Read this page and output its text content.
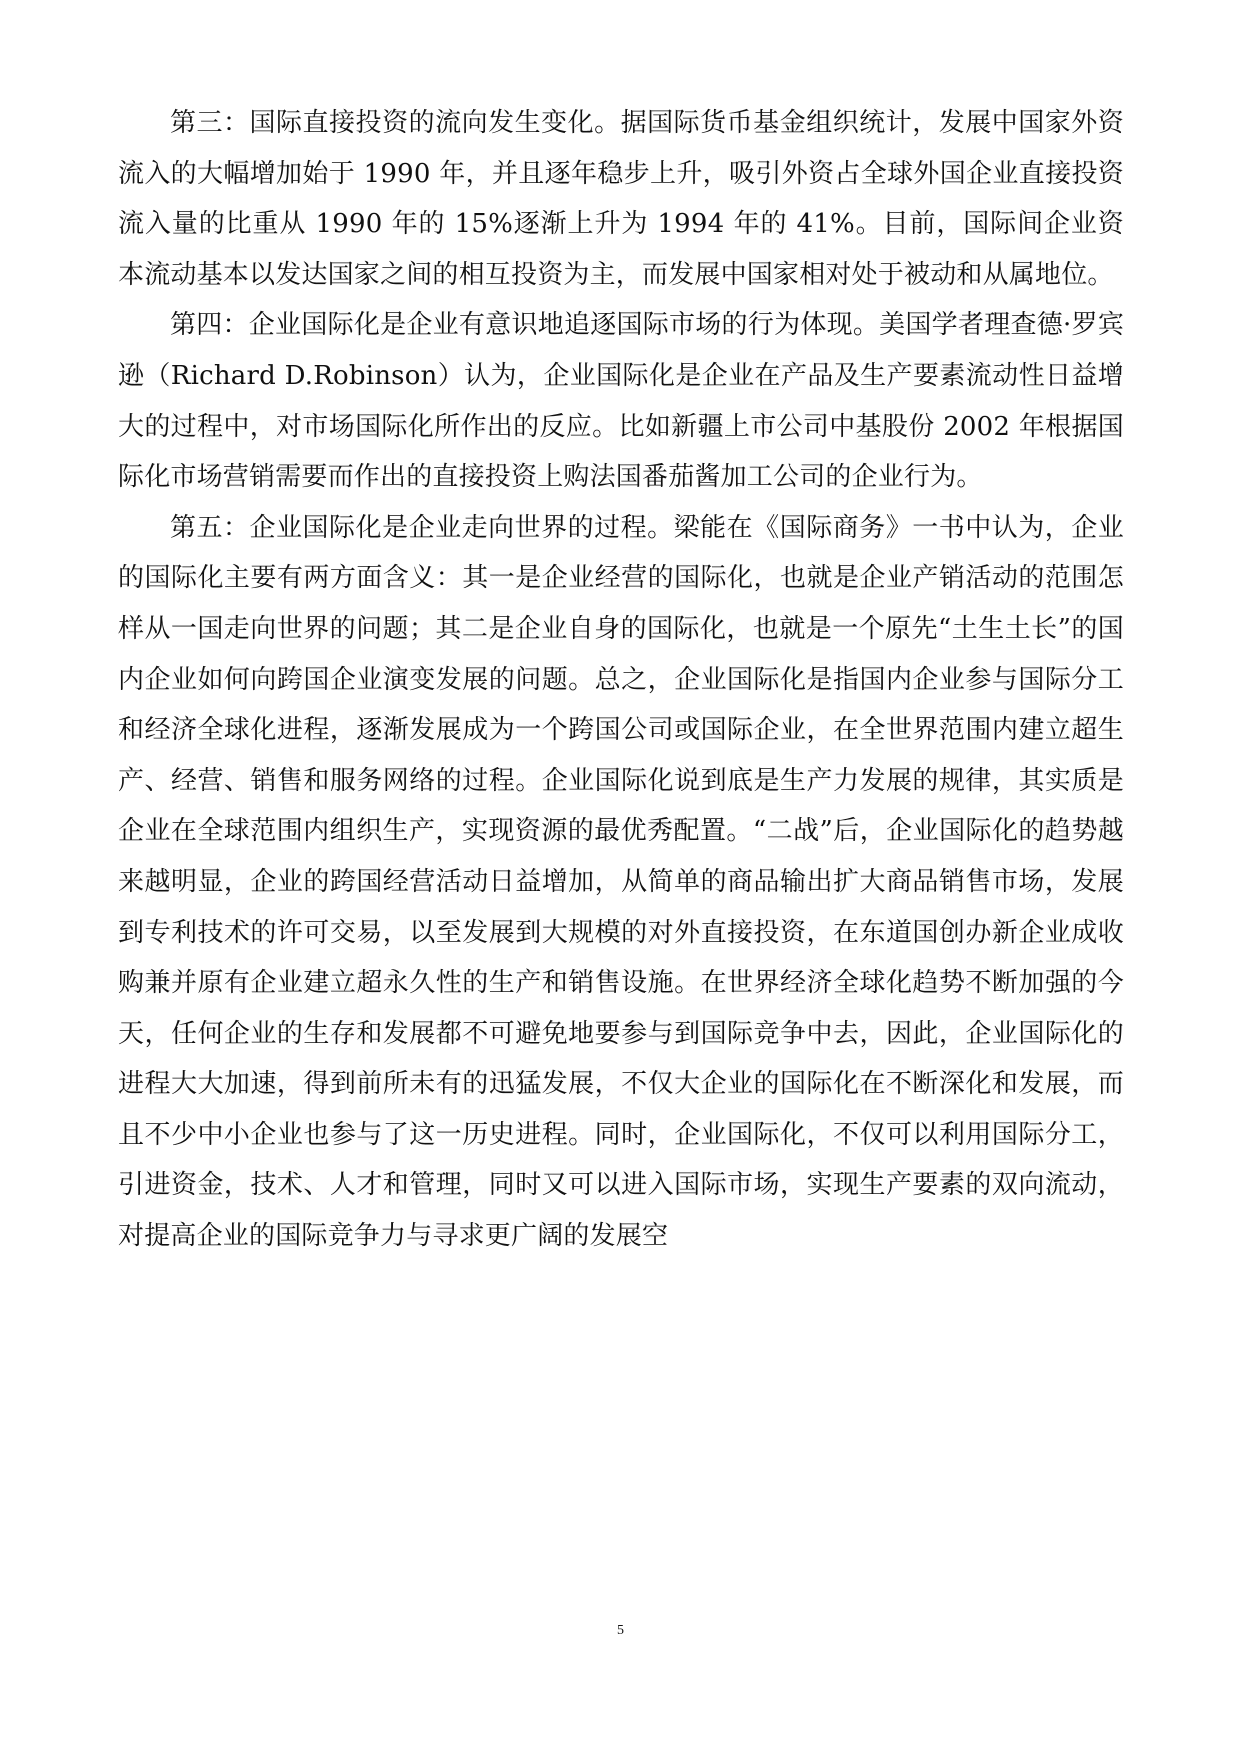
第三：国际直接投资的流向发生变化。据国际货币基金组织统计，发展中国家外资流入的大幅增加始于 1990 年，并且逐年稳步上升，吸引外资占全球外国企业直接投资流入量的比重从 1990 年的 15%逐渐上升为 1994 年的 41%。目前，国际间企业资本流动基本以发达国家之间的相互投资为主，而发展中国家相对处于被动和从属地位。

第四：企业国际化是企业有意识地追逐国际市场的行为体现。美国学者理查德·罗宾逊（Richard D.Robinson）认为，企业国际化是企业在产品及生产要素流动性日益增大的过程中，对市场国际化所作出的反应。比如新疆上市公司中基股份 2002 年根据国际化市场营销需要而作出的直接投资上购法国番茄酱加工公司的企业行为。

第五：企业国际化是企业走向世界的过程。梁能在《国际商务》一书中认为，企业的国际化主要有两方面含义：其一是企业经营的国际化，也就是企业产销活动的范围怎样从一国走向世界的问题；其二是企业自身的国际化，也就是一个原先“土生土长”的国内企业如何向跨国企业演变发展的问题。总之，企业国际化是指国内企业参与国际分工和经济全球化进程，逐渐发展成为一个跨国公司或国际企业，在全世界范围内建立超生产、经营、销售和服务网络的过程。企业国际化说到底是生产力发展的规律，其实质是企业在全球范围内组织生产，实现资源的最优秀配置。“二战”后，企业国际化的趋势越来越明显，企业的跨国经营活动日益增加，从简单的商品输出扩大商品销售市场，发展到专利技术的许可交易，以至发展到大规模的对外直接投资，在东道国创办新企业成收购兼并原有企业建立超永久性的生产和销售设施。在世界经济全球化趋势不断加强的今天，任何企业的生存和发展都不可避免地要参与到国际竞争中去，因此，企业国际化的进程大大加速，得到前所未有的迅猛发展，不仅大企业的国际化在不断深化和发展，而且不少中小企业也参与了这一历史进程。同时，企业国际化，不仅可以利用国际分工，引进资金，技术、人才和管理，同时又可以进入国际市场，实现生产要素的双向流动，对提高企业的国际竞争力与寻求更广阔的发展空

5
